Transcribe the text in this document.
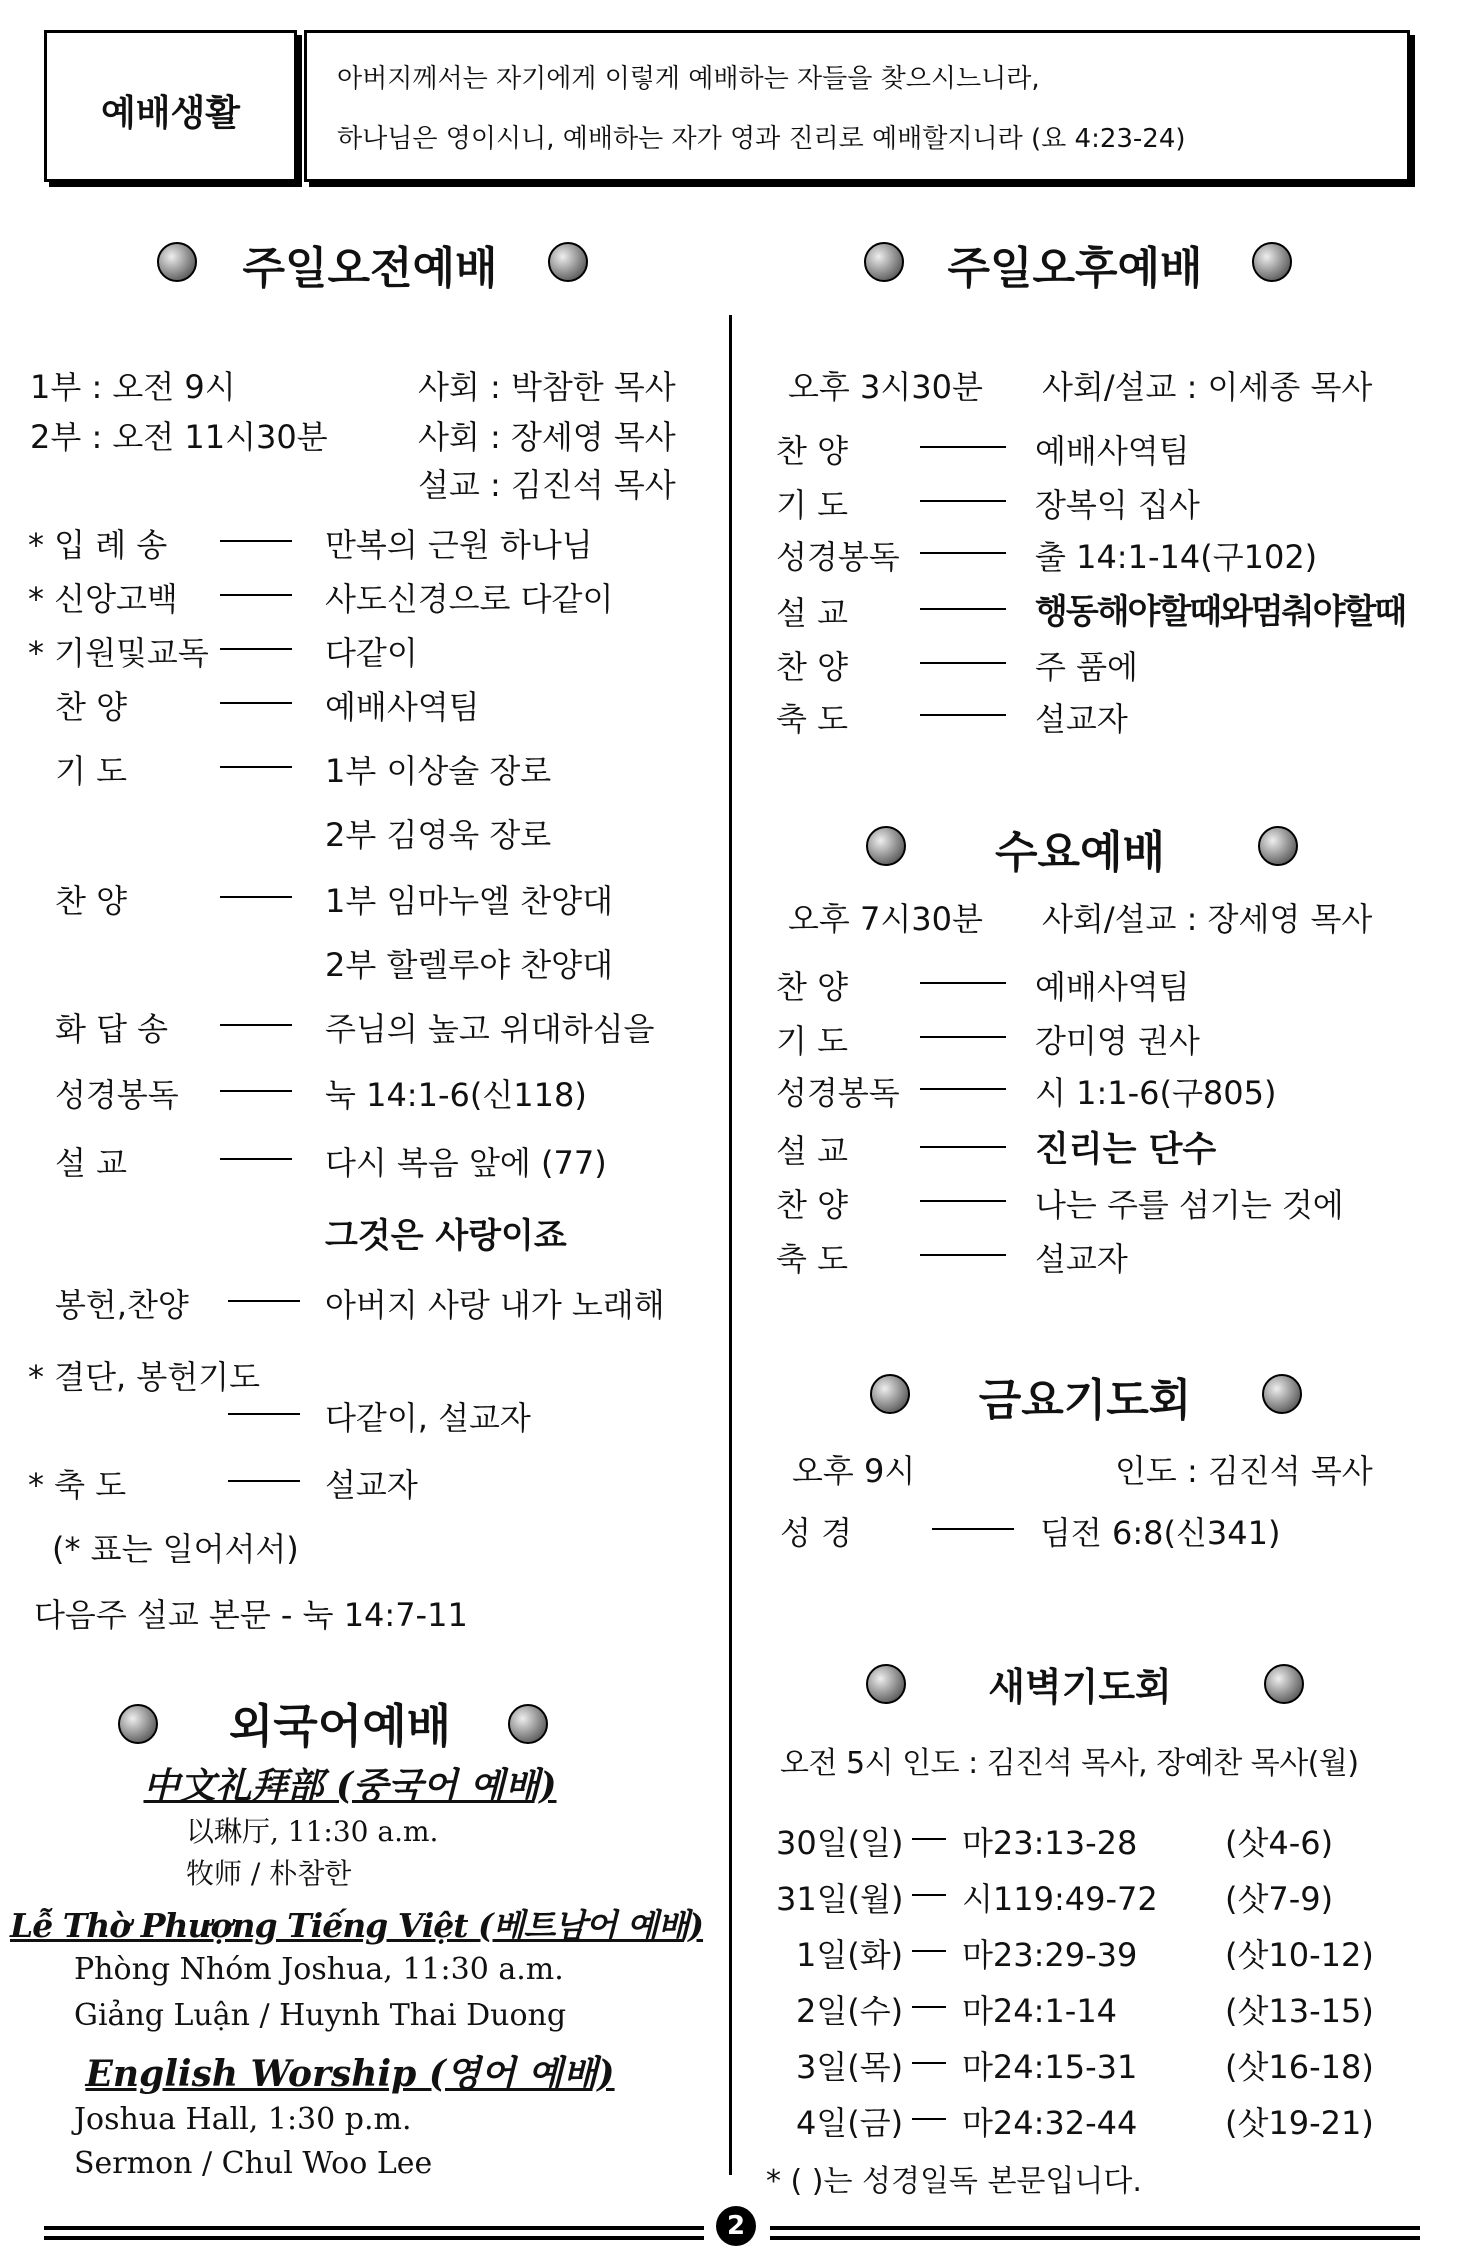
예배생활
아버지께서는 자기에게 이렇게 예배하는 자들을 찾으시느니라,
하나님은 영이시니, 예배하는 자가 영과 진리로 예배할지니라 (요 4:23-24)
주일오전예배
1부 : 오전 9시	사회 : 박참한 목사
2부 : 오전 11시30분	사회 : 장세영 목사
설교 : 김진석 목사
* 입 례 송	만복의 근원 하나님
* 신앙고백	사도신경으로 다같이
* 기원및교독	다같이
찬 양	예배사역팀
기 도	1부 이상술 장로
2부 김영욱 장로
찬 양	1부 임마누엘 찬양대
2부 할렐루야 찬양대
화 답 송	주님의 높고 위대하심을
성경봉독	눅 14:1-6(신118)
설 교	다시 복음 앞에 (77)
그것은 사랑이죠
봉헌,찬양	아버지 사랑 내가 노래해
* 결단, 봉헌기도
다같이, 설교자
* 축 도	설교자
(* 표는 일어서서)
다음주 설교 본문 - 눅 14:7-11
외국어예배
中文礼拜部 (중국어 예배)
以琳厅, 11:30 a.m.
牧师 / 朴참한
Lễ Thờ Phượng Tiếng Việt (베트남어 예배)
Phòng Nhóm Joshua, 11:30 a.m.
Giảng Luận / Huynh Thai Duong
English Worship (영어 예배)
Joshua Hall, 1:30 p.m.
Sermon / Chul Woo Lee
주일오후예배
오후 3시30분 사회/설교 : 이세종 목사
찬 양	예배사역팀
기 도	장복익 집사
성경봉독	출 14:1-14(구102)
설 교	행동해야할때와멈춰야할때
찬 양	주 품에
축 도	설교자
수요예배
오후 7시30분 사회/설교 : 장세영 목사
찬 양	예배사역팀
기 도	강미영 권사
성경봉독	시 1:1-6(구805)
설 교	진리는 단수
찬 양	나는 주를 섬기는 것에
축 도	설교자
금요기도회
오후 9시	인도 : 김진석 목사
성 경	딤전 6:8(신341)
새벽기도회
오전 5시 인도 : 김진석 목사, 장예찬 목사(월)
30일(일) 마23:13-28	(삿4-6)
31일(월) 시119:49-72 (삿7-9)
1일(화) 마23:29-39	(삿10-12)
2일(수) 마24:1-14	(삿13-15)
3일(목) 마24:15-31	(삿16-18)
4일(금) 마24:32-44	(삿19-21)
* ( )는 성경일독 본문입니다.
2
